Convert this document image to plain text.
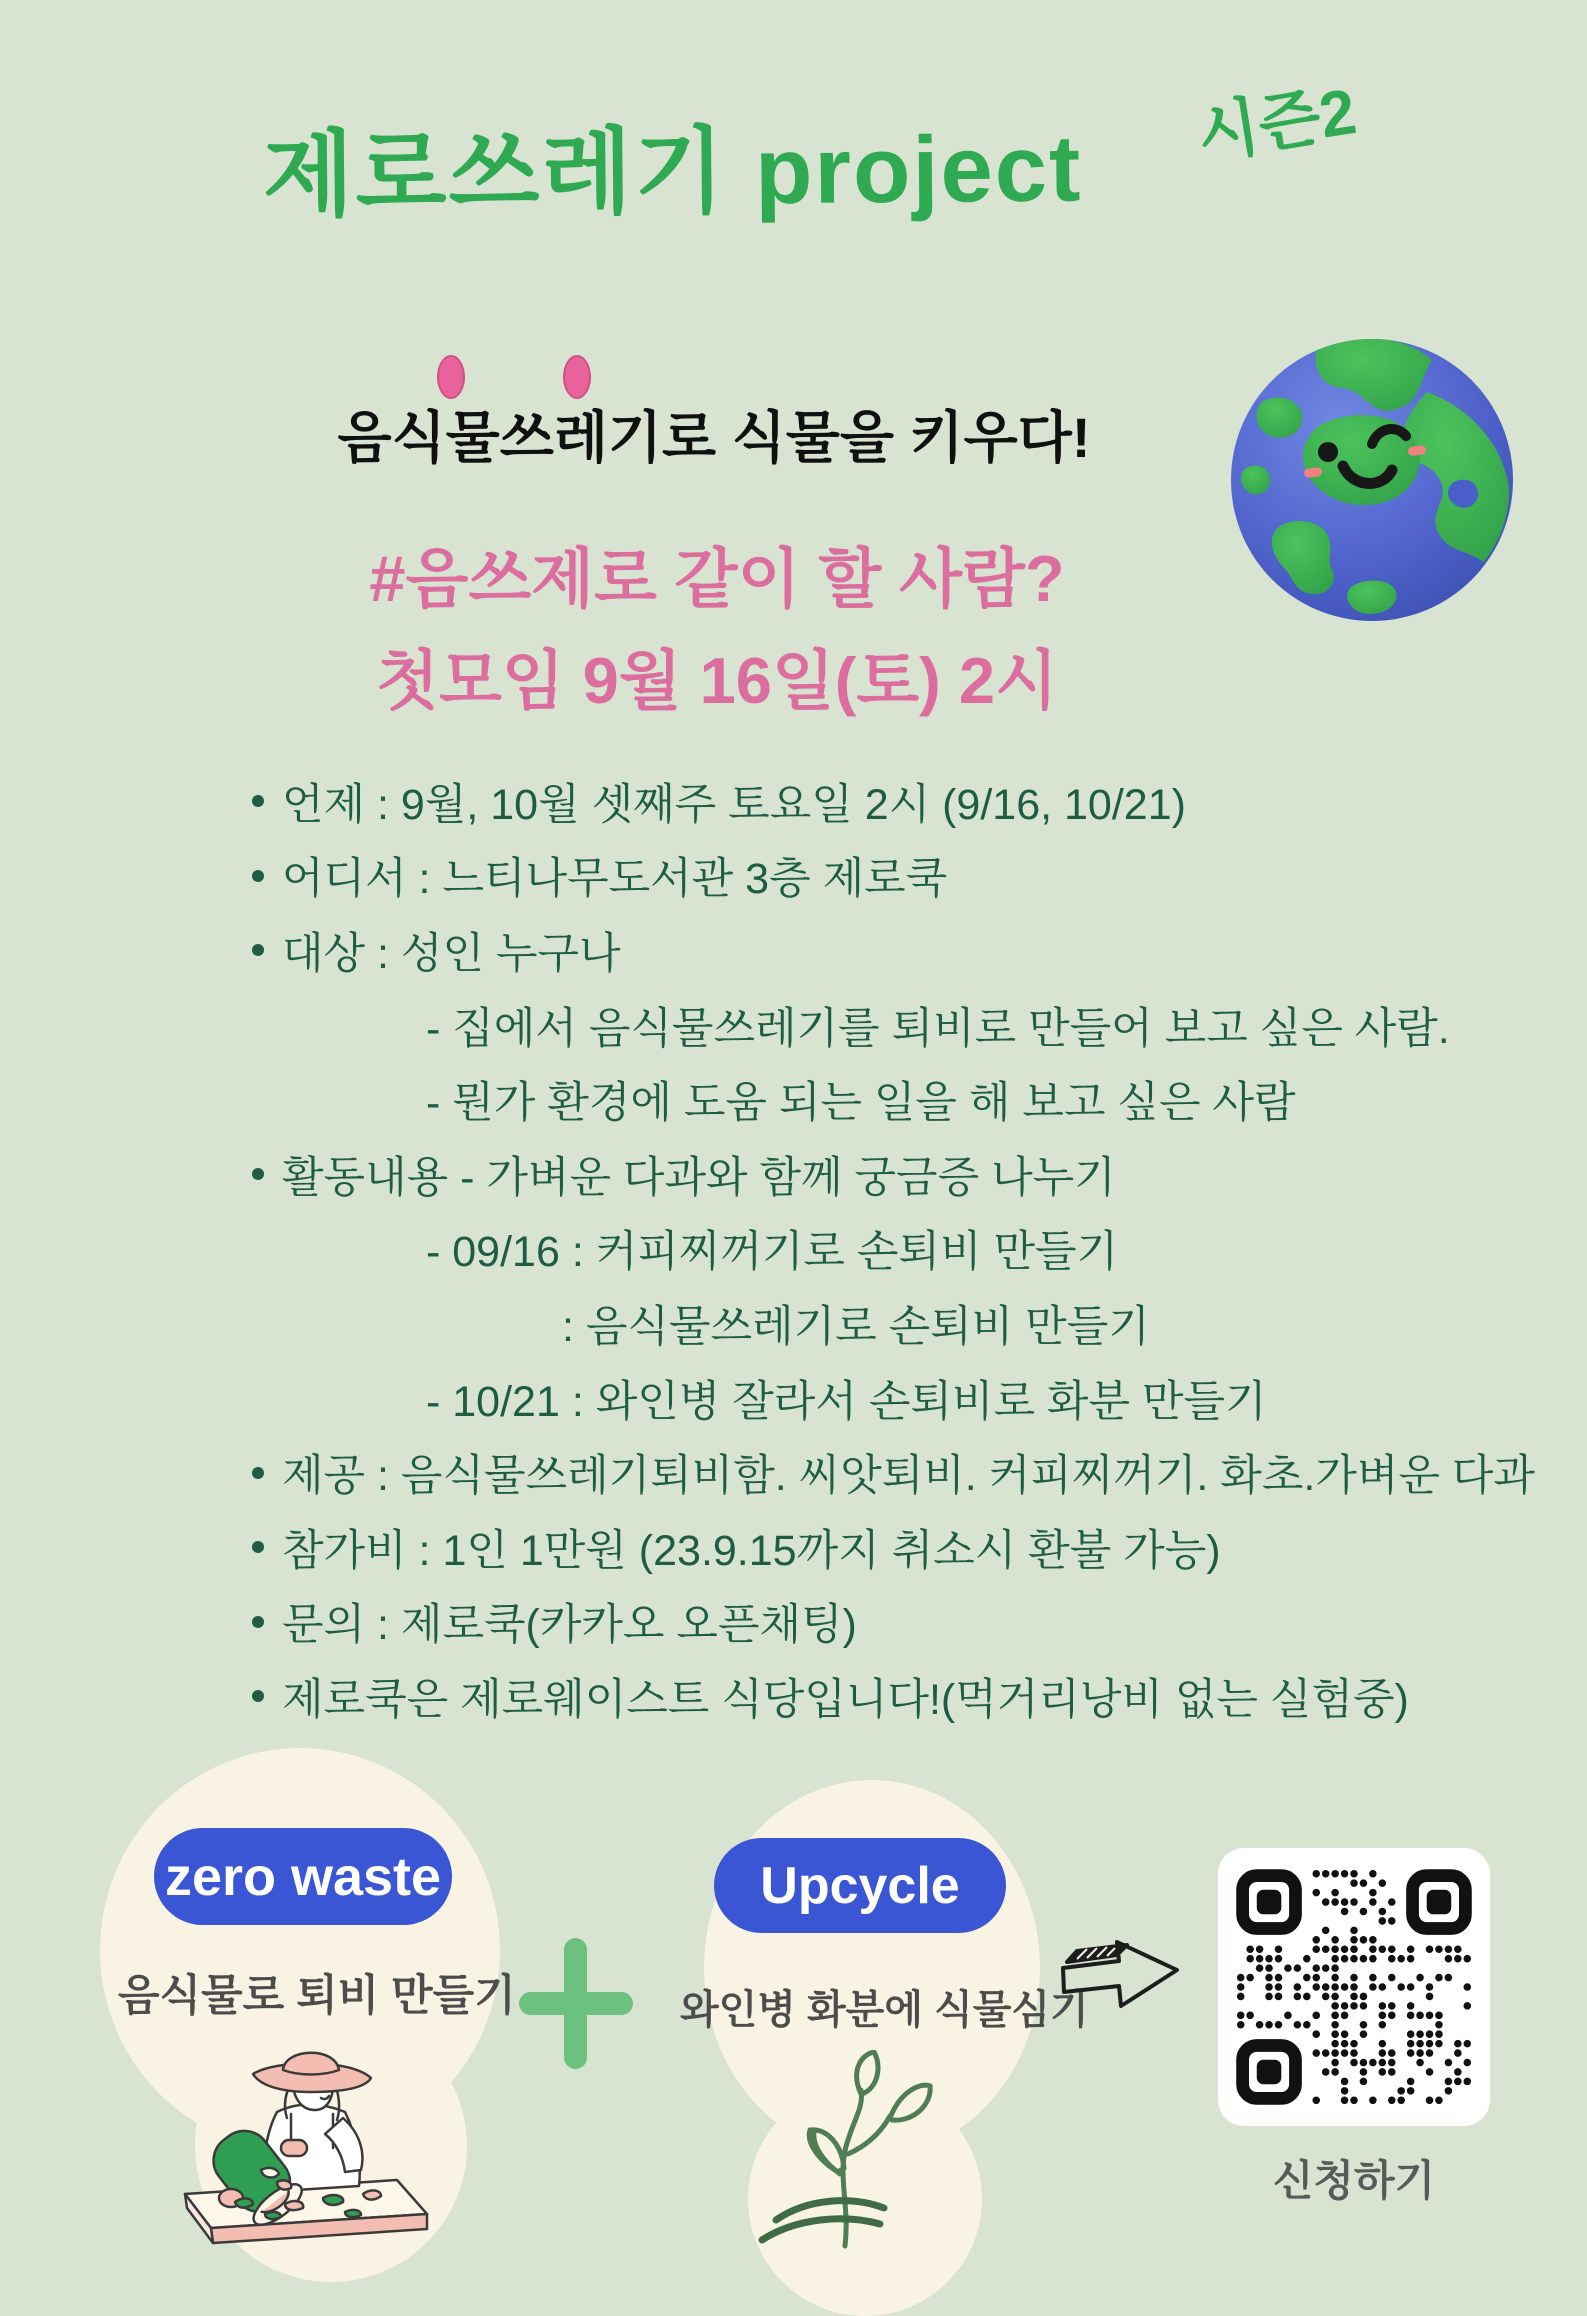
제로쓰레기 project	시즌2
음식물쓰레기로 식물을 키우다!
#음쓰제로 같이 할 사람?
첫모임 9월 16일(토) 2시
언제 : 9월, 10월 셋째주 토요일 2시 (9/16, 10/21)
어디서 : 느티나무도서관 3층 제로쿡
대상 : 성인 누구나
- 집에서 음식물쓰레기를 퇴비로 만들어 보고 싶은 사람.
- 뭔가 환경에 도움 되는 일을 해 보고 싶은 사람
활동내용 - 가벼운 다과와 함께 궁금증 나누기
- 09/16 : 커피찌꺼기로 손퇴비 만들기
: 음식물쓰레기로 손퇴비 만들기
- 10/21 : 와인병 잘라서 손퇴비로 화분 만들기
제공 : 음식물쓰레기퇴비함. 씨앗퇴비. 커피찌꺼기. 화초.가벼운 다과
참가비 : 1인 1만원 (23.9.15까지 취소시 환불 가능)
문의 : 제로쿡(카카오 오픈채팅)
제로쿡은 제로웨이스트 식당입니다!(먹거리낭비 없는 실험중)
zero waste
음식물로 퇴비 만들기
Upcycle
와인병 화분에 식물심기
신청하기
